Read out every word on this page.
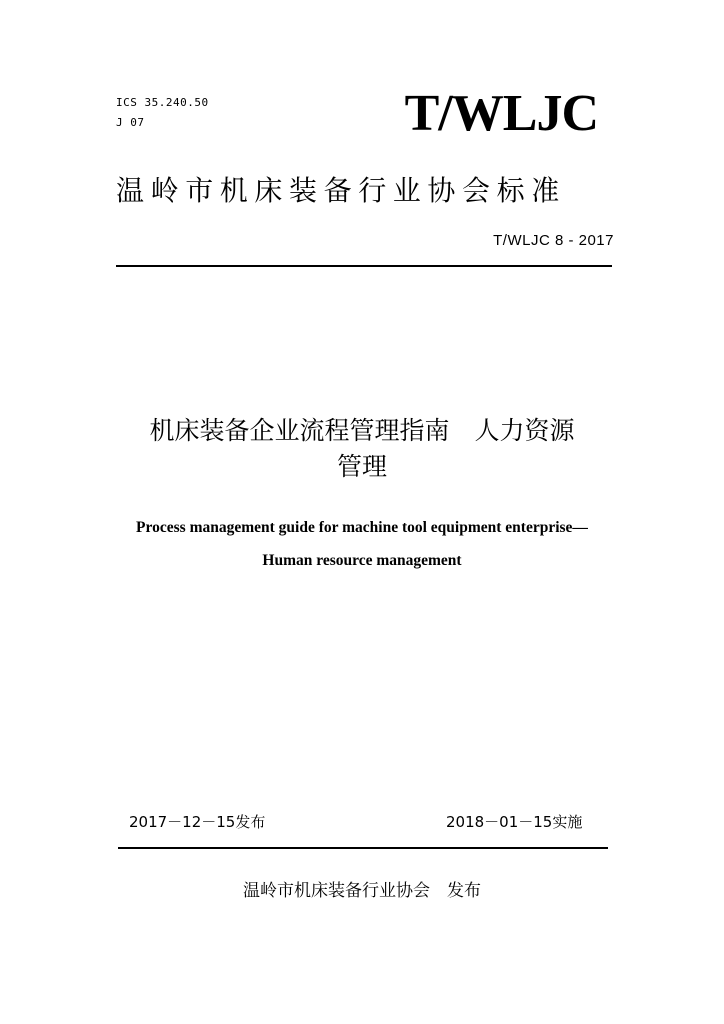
ICS 35.240.50
J 07	T/WLJC
温岭市机床装备行业协会标准
T/WLJC 8 - 2017
机床装备企业流程管理指南　人力资源
管理
Process management guide for machine tool equipment enterprise—
Human resource management
2017－12－15发布	2018－01－15实施
温岭市机床装备行业协会　发布
